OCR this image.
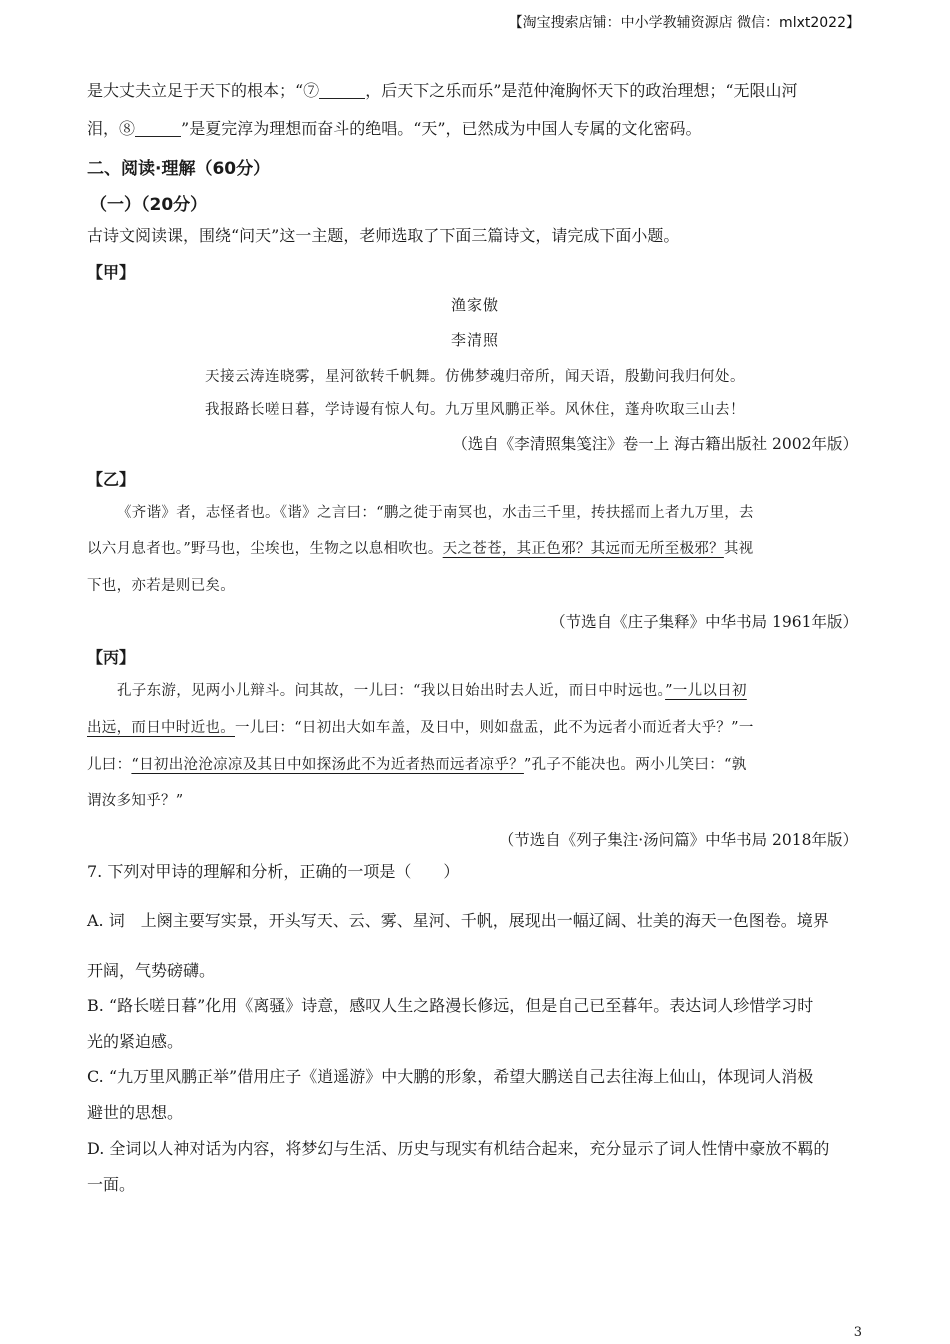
【淘宝搜索店铺：中小学教辅资源店 微信：mlxt2022】
是大丈夫立足于天下的根本；“⑦	，后天下之乐而乐”是范仲淹胸怀天下的政治理想；“无限山河
泪，⑧	”是夏完淳为理想而奋斗的绝唱。“天”，已然成为中国人专属的文化密码。
二、阅读·理解（60分）
（一）（20分）
古诗文阅读课，围绕“问天”这一主题，老师选取了下面三篇诗文，请完成下面小题。
【甲】
渔家傲
李清照
天接云涛连晓雾，星河欲转千帆舞。仿佛梦魂归帝所，闻天语，殷勤问我归何处。
我报路长嗟日暮，学诗谩有惊人句。九万里风鹏正举。风休住，蓬舟吹取三山去！
（选自《李清照集笺注》卷一上 海古籍出版社 2002年版）
【乙】
《齐谐》者，志怪者也。《谐》之言曰：“鹏之徙于南冥也，水击三千里，抟扶摇而上者九万里，去
以六月息者也。”野马也，尘埃也，生物之以息相吹也。天之苍苍，其正色邪？其远而无所至极邪？其视
下也，亦若是则已矣。
（节选自《庄子集释》中华书局 1961年版）
【丙】
孔子东游，见两小儿辩斗。问其故，一儿曰：“我以日始出时去人近，而日中时远也。”一儿以日初
出远，而日中时近也。一儿曰：“日初出大如车盖，及日中，则如盘盂，此不为远者小而近者大乎？”一
儿曰：“日初出沧沧凉凉及其日中如探汤此不为近者热而远者凉乎？”孔子不能决也。两小儿笑曰：“孰
谓汝多知乎？”
（节选自《列子集注·汤问篇》中华书局 2018年版）
7. 下列对甲诗的理解和分析，正确的一项是（　　）
A. 词　上阕主要写实景，开头写天、云、雾、星河、千帆，展现出一幅辽阔、壮美的海天一色图卷。境界
开阔，气势磅礴。
B. “路长嗟日暮”化用《离骚》诗意，感叹人生之路漫长修远，但是自己已至暮年。表达词人珍惜学习时
光的紧迫感。
C. “九万里风鹏正举”借用庄子《逍遥游》中大鹏的形象，希望大鹏送自己去往海上仙山，体现词人消极
避世的思想。
D. 全词以人神对话为内容，将梦幻与生活、历史与现实有机结合起来，充分显示了词人性情中豪放不羁的
一面。
3
